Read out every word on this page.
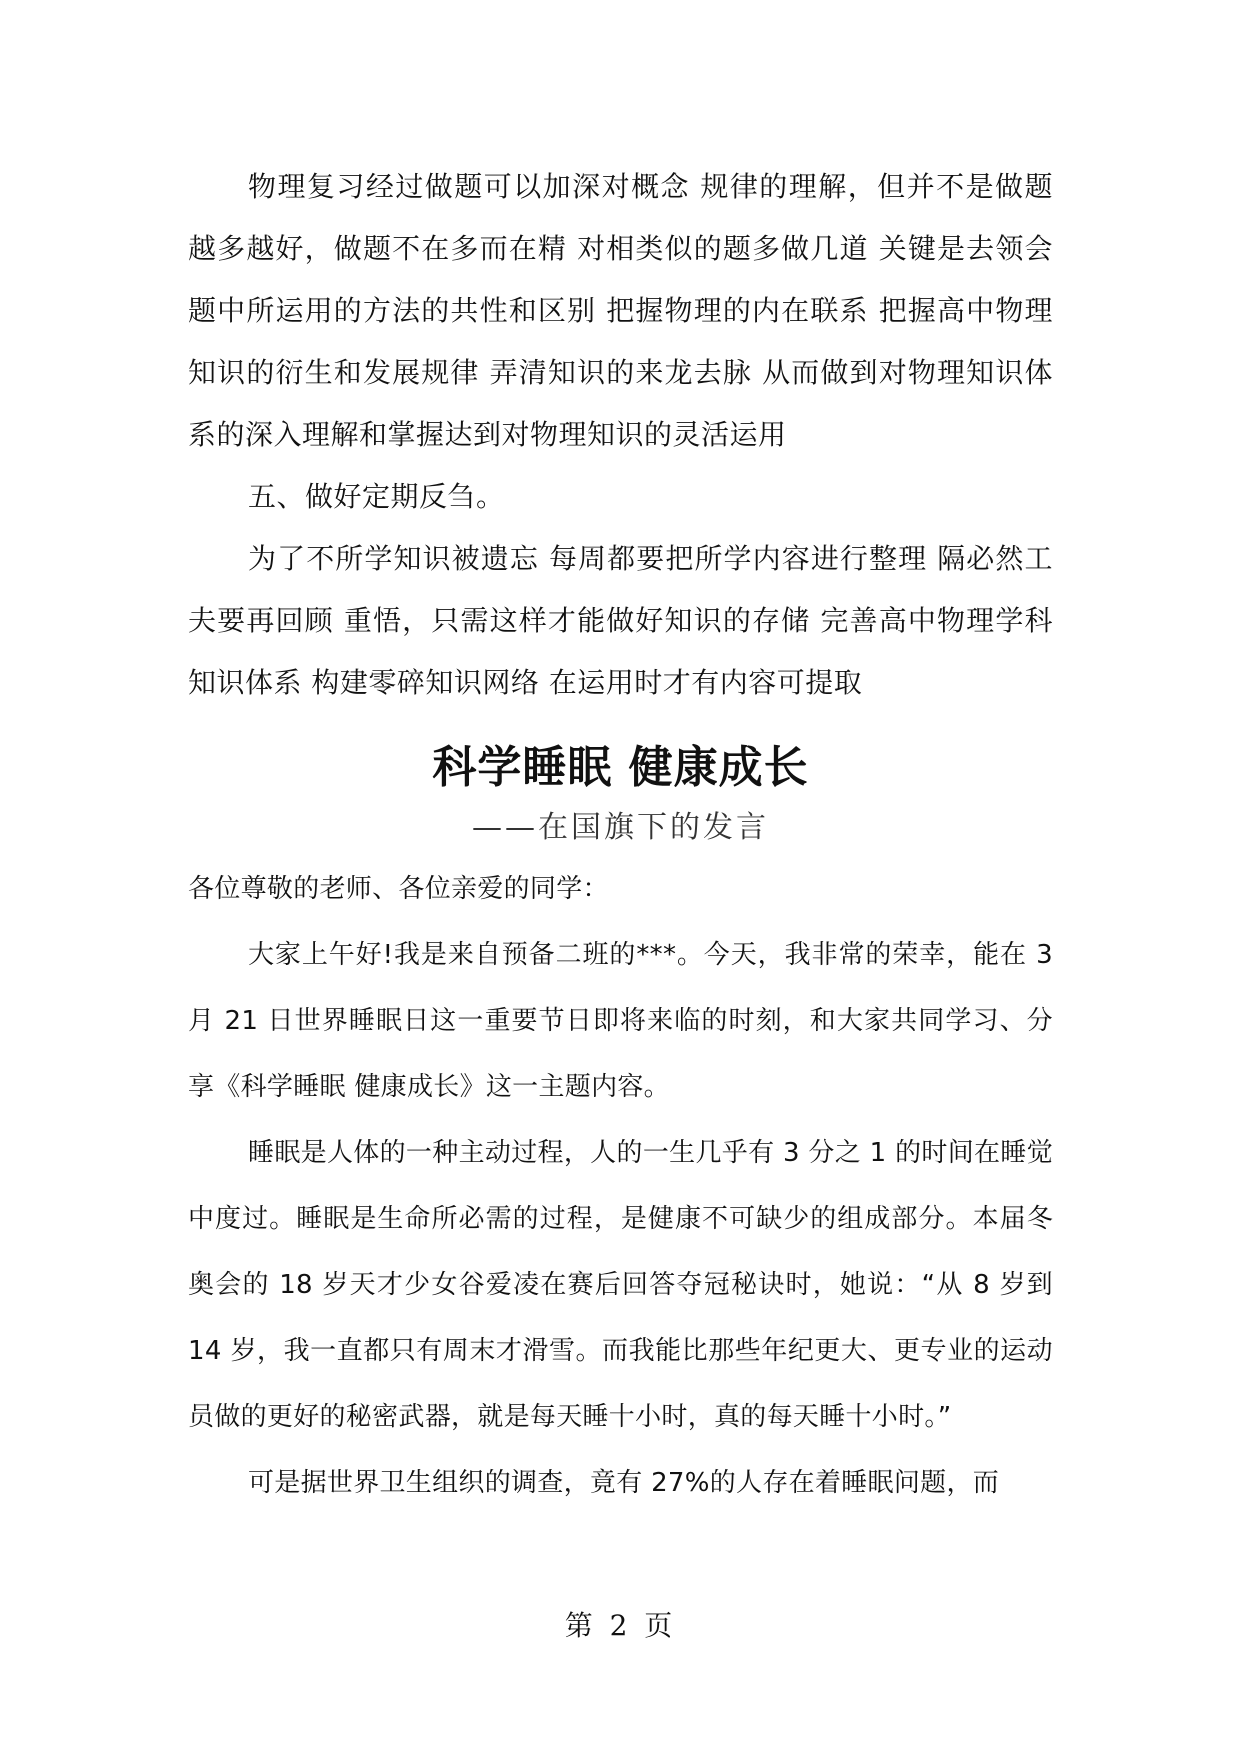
物理复习经过做题可以加深对概念 规律的理解，但并不是做题越多越好，做题不在多而在精 对相类似的题多做几道 关键是去领会题中所运用的方法的共性和区别 把握物理的内在联系 把握高中物理知识的衍生和发展规律 弄清知识的来龙去脉 从而做到对物理知识体系的深入理解和掌握达到对物理知识的灵活运用

五、做好定期反刍。

为了不所学知识被遗忘 每周都要把所学内容进行整理 隔必然工夫要再回顾 重悟，只需这样才能做好知识的存储 完善高中物理学科知识体系 构建零碎知识网络 在运用时才有内容可提取

科学睡眠 健康成长

——在国旗下的发言

各位尊敬的老师、各位亲爱的同学：

大家上午好!我是来自预备二班的***。今天，我非常的荣幸，能在 3 月 21 日世界睡眠日这一重要节日即将来临的时刻，和大家共同学习、分享《科学睡眠 健康成长》这一主题内容。

睡眠是人体的一种主动过程，人的一生几乎有 3 分之 1 的时间在睡觉中度过。睡眠是生命所必需的过程，是健康不可缺少的组成部分。本届冬奥会的 18 岁天才少女谷爱凌在赛后回答夺冠秘诀时，她说：“从 8 岁到 14 岁，我一直都只有周末才滑雪。而我能比那些年纪更大、更专业的运动员做的更好的秘密武器，就是每天睡十小时，真的每天睡十小时。”

可是据世界卫生组织的调查，竟有 27%的人存在着睡眠问题，而

第 2 页
